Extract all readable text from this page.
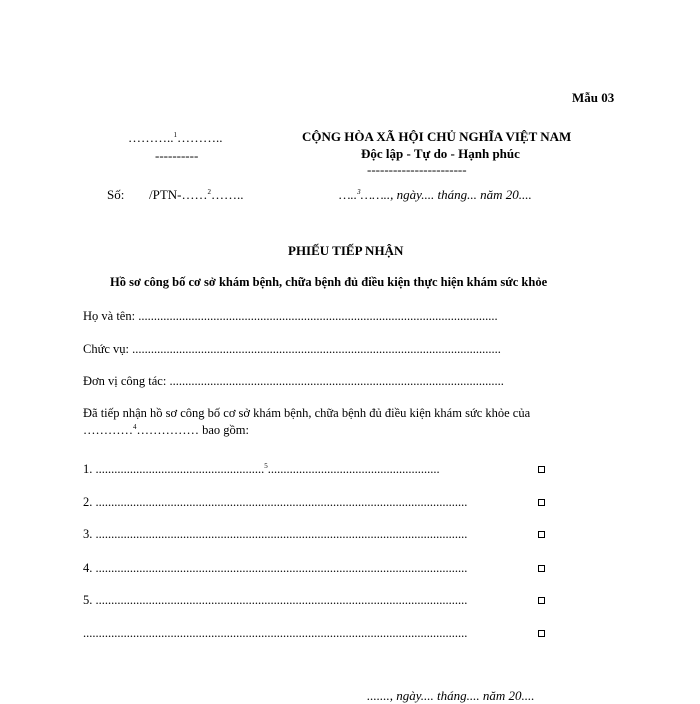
Mẫu 03
………..$^1$………..
----------
CỘNG HÒA XÃ HỘI CHỦ NGHĨA VIỆT NAM
Độc lập - Tự do - Hạnh phúc
-----------------------
Số: /PTN-……$^2$……..	…..$^3$…….., ngày.... tháng... năm 20....
PHIẾU TIẾP NHẬN
Hồ sơ công bố cơ sở khám bệnh, chữa bệnh đủ điều kiện thực hiện khám sức khỏe
Họ và tên: ...................................................................................................................
Chức vụ: ......................................................................................................................
Đơn vị công tác: ...........................................................................................................
Đã tiếp nhận hồ sơ công bố cơ sở khám bệnh, chữa bệnh đủ điều kiện khám sức khỏe của
…………$^4$…………… bao gồm:
1. ......................................................$^5$.......................................................
2. .......................................................................................................................
3. .......................................................................................................................
4. .......................................................................................................................
5. .......................................................................................................................
...........................................................................................................................
......., ngày.... tháng.... năm 20....
